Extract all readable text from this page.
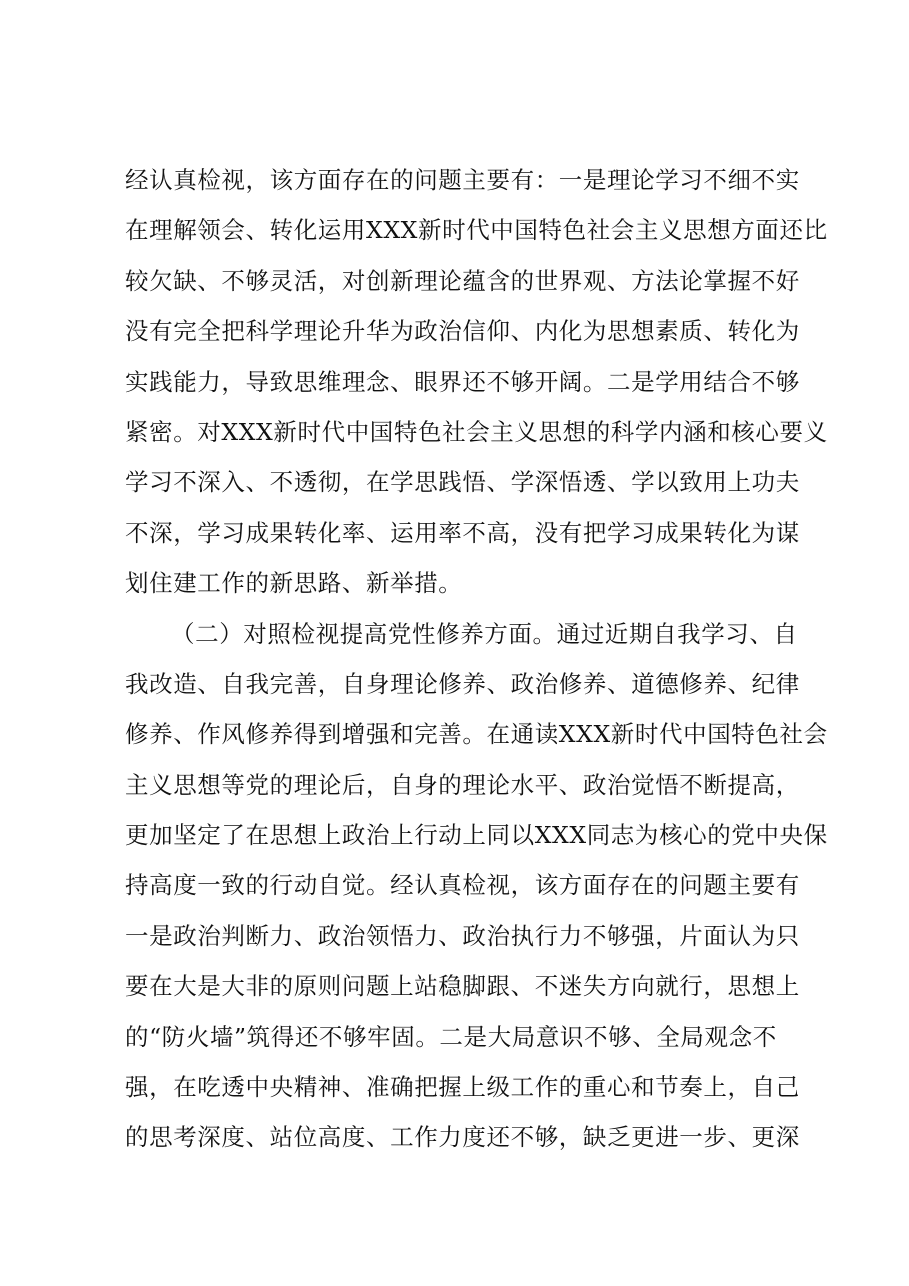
经认真检视，该方面存在的问题主要有：一是理论学习不细不实
在理解领会、转化运用XXX新时代中国特色社会主义思想方面还比
较欠缺、不够灵活，对创新理论蕴含的世界观、方法论掌握不好
没有完全把科学理论升华为政治信仰、内化为思想素质、转化为
实践能力，导致思维理念、眼界还不够开阔。二是学用结合不够
紧密。对XXX新时代中国特色社会主义思想的科学内涵和核心要义
学习不深入、不透彻，在学思践悟、学深悟透、学以致用上功夫
不深，学习成果转化率、运用率不高，没有把学习成果转化为谋
划住建工作的新思路、新举措。
（二）对照检视提高党性修养方面。通过近期自我学习、自
我改造、自我完善，自身理论修养、政治修养、道德修养、纪律
修养、作风修养得到增强和完善。在通读XXX新时代中国特色社会
主义思想等党的理论后，自身的理论水平、政治觉悟不断提高，
更加坚定了在思想上政治上行动上同以XXX同志为核心的党中央保
持高度一致的行动自觉。经认真检视，该方面存在的问题主要有
一是政治判断力、政治领悟力、政治执行力不够强，片面认为只
要在大是大非的原则问题上站稳脚跟、不迷失方向就行，思想上
的“防火墙”筑得还不够牢固。二是大局意识不够、全局观念不
强，在吃透中央精神、准确把握上级工作的重心和节奏上，自己
的思考深度、站位高度、工作力度还不够，缺乏更进一步、更深
